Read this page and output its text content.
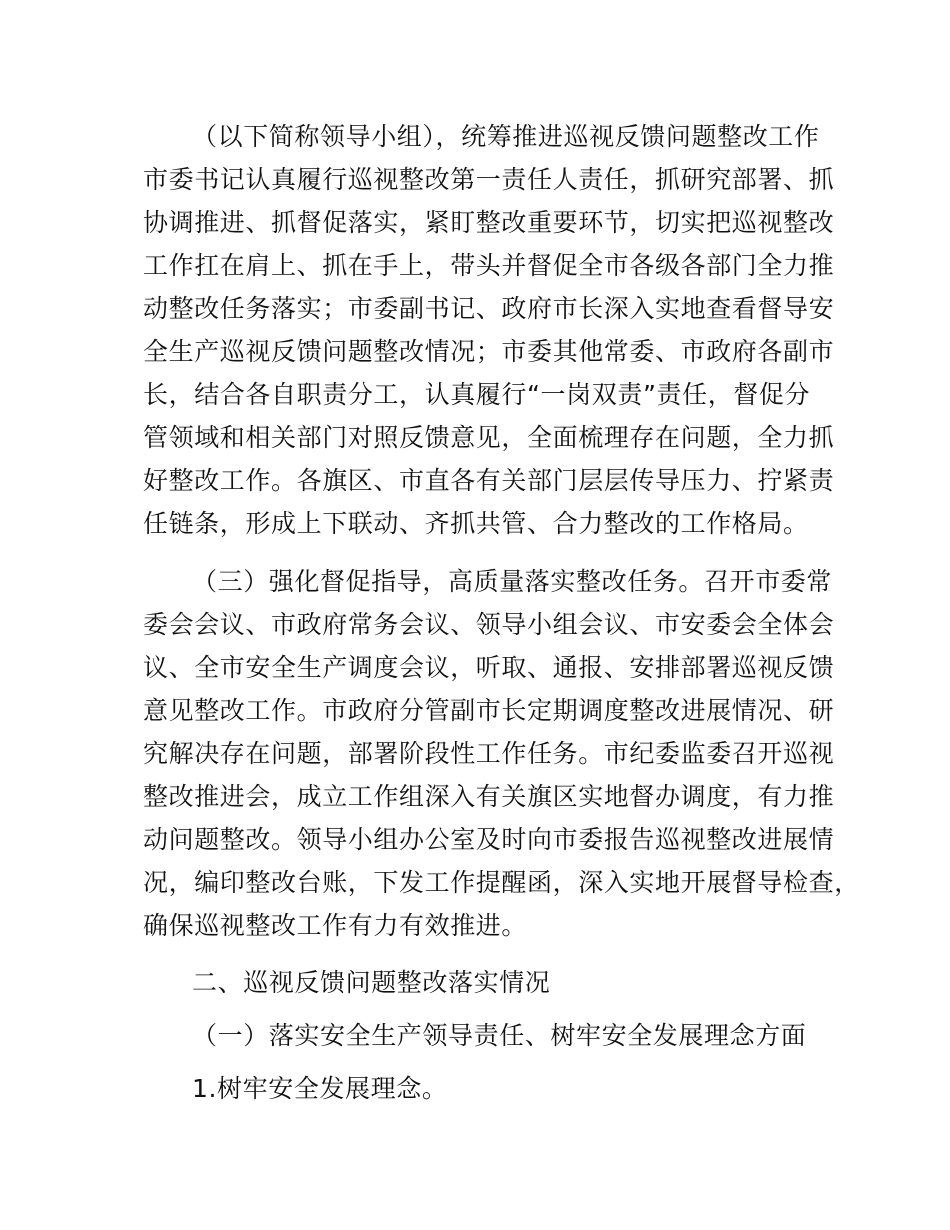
（以下简称领导小组），统筹推进巡视反馈问题整改工作
市委书记认真履行巡视整改第一责任人责任，抓研究部署、抓
协调推进、抓督促落实，紧盯整改重要环节，切实把巡视整改
工作扛在肩上、抓在手上，带头并督促全市各级各部门全力推
动整改任务落实；市委副书记、政府市长深入实地查看督导安
全生产巡视反馈问题整改情况；市委其他常委、市政府各副市
长，结合各自职责分工，认真履行“一岗双责”责任，督促分
管领域和相关部门对照反馈意见，全面梳理存在问题，全力抓
好整改工作。各旗区、市直各有关部门层层传导压力、拧紧责
任链条，形成上下联动、齐抓共管、合力整改的工作格局。
（三）强化督促指导，高质量落实整改任务。召开市委常
委会会议、市政府常务会议、领导小组会议、市安委会全体会
议、全市安全生产调度会议，听取、通报、安排部署巡视反馈
意见整改工作。市政府分管副市长定期调度整改进展情况、研
究解决存在问题，部署阶段性工作任务。市纪委监委召开巡视
整改推进会，成立工作组深入有关旗区实地督办调度，有力推
动问题整改。领导小组办公室及时向市委报告巡视整改进展情
况，编印整改台账，下发工作提醒函，深入实地开展督导检查，
确保巡视整改工作有力有效推进。
二、巡视反馈问题整改落实情况
（一）落实安全生产领导责任、树牢安全发展理念方面
1.树牢安全发展理念。
